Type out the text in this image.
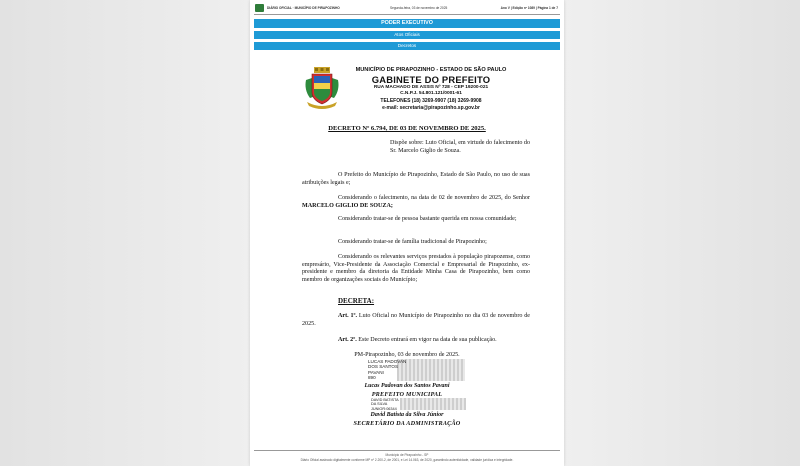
DIÁRIO OFICIAL · MUNICÍPIO DE PIRAPOZINHO	Segunda-feira, 03 de novembro de 2025	Ano V | Edição nº 1089 | Página 1 de 7
PODER EXECUTIVO
Atos Oficiais
Decretos
MUNICÍPIO DE PIRAPOZINHO - ESTADO DE SÃO PAULO
GABINETE DO PREFEITO
RUA MACHADO DE ASSIS Nº 728 - CEP 19200-021
C.N.P.J. 54.801.121/0001-61
TELEFONES (18) 3269-9907 (18) 3269-9908
e-mail: secretaria@pirapozinho.sp.gov.br
DECRETO Nº 6.794, DE 03 DE NOVEMBRO DE 2025.
Dispõe sobre: Luto Oficial, em virtude do falecimento do Sr. Marcelo Giglio de Souza.
O Prefeito do Município de Pirapozinho, Estado de São Paulo, no uso de suas atribuições legais e;
Considerando o falecimento, na data de 02 de novembro de 2025, do Senhor MARCELO GIGLIO DE SOUZA;
Considerando tratar-se de pessoa bastante querida em nossa comunidade;
Considerando tratar-se de família tradicional de Pirapozinho;
Considerando os relevantes serviços prestados à população pirapozense, como empresário, Vice-Presidente da Associação Comercial e Empresarial de Pirapozinho, ex-presidente e membro da diretoria da Entidade Minha Casa de Pirapozinho, bem como membro de organizações sociais do Município;
DECRETA:
Art. 1º. Luto Oficial no Município de Pirapozinho no dia 03 de novembro de 2025.
Art. 2º. Este Decreto entrará em vigor na data de sua publicação.
PM-Pirapozinho, 03 de novembro de 2025.
LUCAS PADOVAN
DOS SANTOS
PAVANI
890
Lucas Padovan dos Santos Pavani
PREFEITO MUNICIPAL
DAVID BATISTA
DA SILVA
JUNIOR:06344
David Batista da Silva Júnior
SECRETÁRIO DA ADMINISTRAÇÃO
Município de Pirapozinho - SP
Diário Oficial assinado digitalmente conforme MP nº 2.200-2, de 2001, e Lei 14.063, de 2020, garantindo autenticidade, validade jurídica e integridade.
